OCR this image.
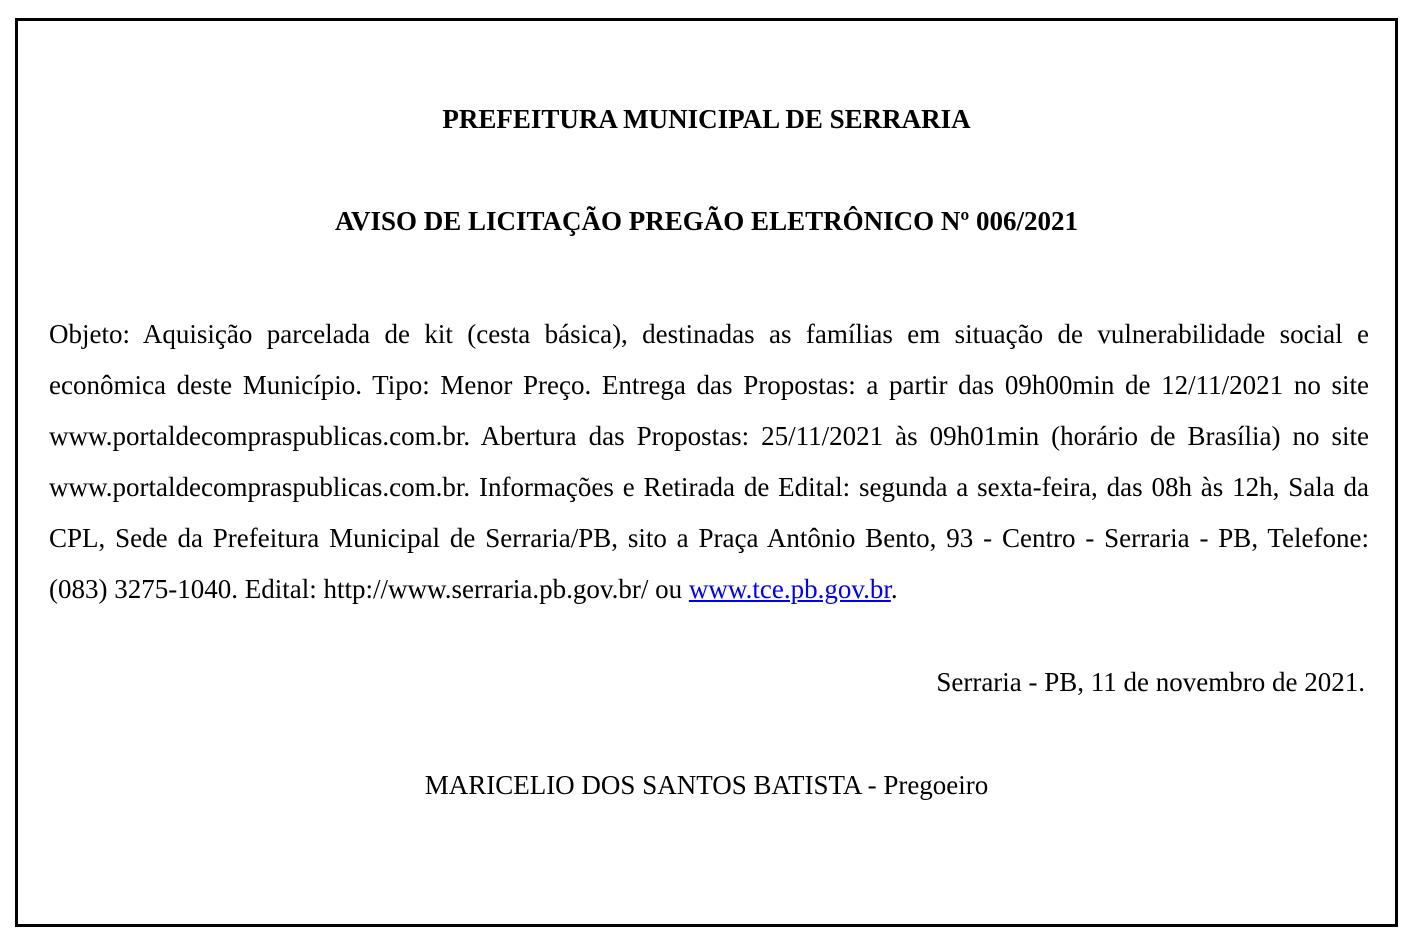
PREFEITURA MUNICIPAL DE SERRARIA
AVISO DE LICITAÇÃO PREGÃO ELETRÔNICO Nº 006/2021

Objeto: Aquisição parcelada de kit (cesta básica), destinadas as famílias em situação de vulnerabilidade social e econômica deste Município. Tipo: Menor Preço. Entrega das Propostas: a partir das 09h00min de 12/11/2021 no site www.portaldecompraspublicas.com.br. Abertura das Propostas: 25/11/2021 às 09h01min (horário de Brasília) no site www.portaldecompraspublicas.com.br. Informações e Retirada de Edital: segunda a sexta-feira, das 08h às 12h, Sala da CPL, Sede da Prefeitura Municipal de Serraria/PB, sito a Praça Antônio Bento, 93 - Centro - Serraria - PB, Telefone: (083) 3275-1040. Edital: http://www.serraria.pb.gov.br/ ou www.tce.pb.gov.br.

Serraria - PB, 11 de novembro de 2021.

MARICELIO DOS SANTOS BATISTA - Pregoeiro
